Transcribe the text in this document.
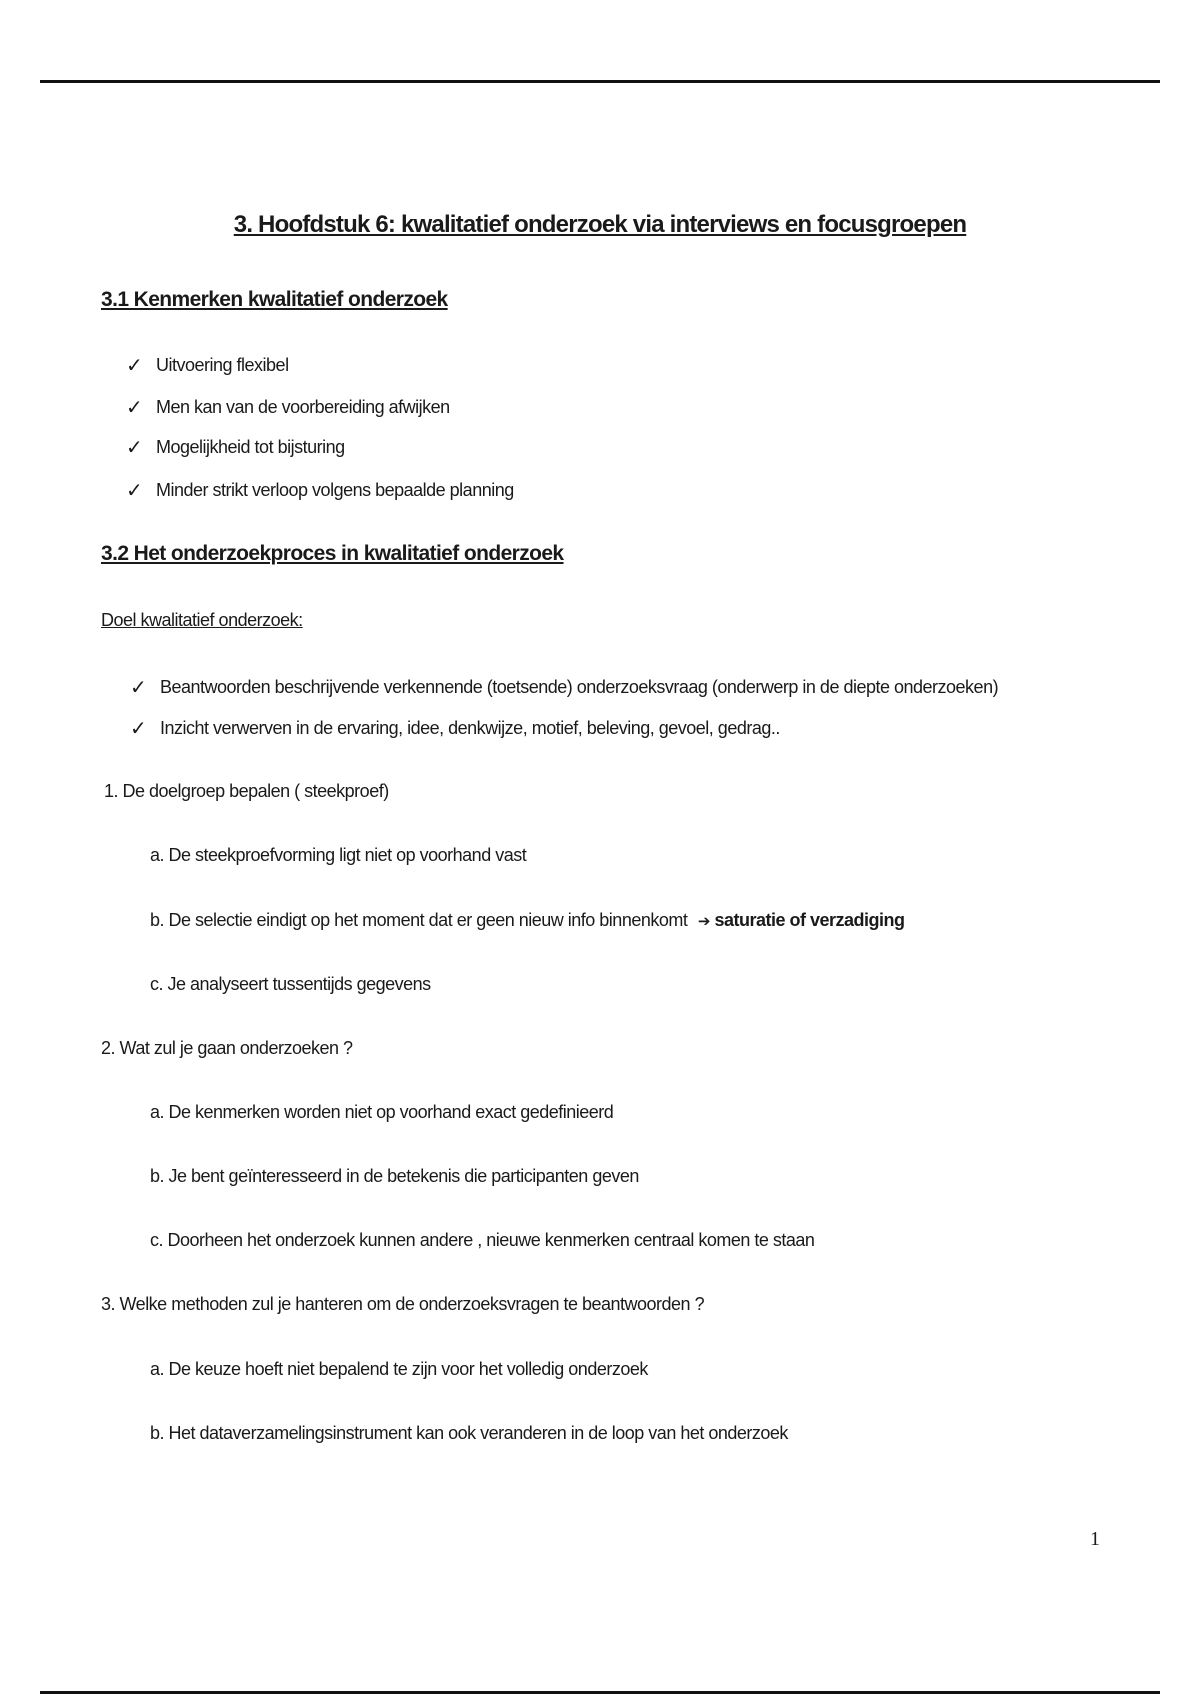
3. Hoofdstuk 6: kwalitatief onderzoek via interviews en focusgroepen
3.1 Kenmerken kwalitatief onderzoek
✓ Uitvoering flexibel
✓ Men kan van de voorbereiding afwijken
✓ Mogelijkheid tot bijsturing
✓ Minder strikt verloop volgens bepaalde planning
3.2 Het onderzoekproces in kwalitatief onderzoek
Doel kwalitatief onderzoek:
✓ Beantwoorden beschrijvende verkennende (toetsende) onderzoeksvraag (onderwerp in de diepte onderzoeken)
✓ Inzicht verwerven in de ervaring, idee, denkwijze, motief, beleving, gevoel, gedrag..
1. De doelgroep bepalen ( steekproef)
a. De steekproefvorming ligt niet op voorhand vast
b. De selectie eindigt op het moment dat er geen nieuw info binnenkomt ➔ saturatie of verzadiging
c. Je analyseert tussentijds gegevens
2. Wat zul je gaan onderzoeken ?
a. De kenmerken worden niet op voorhand exact gedefinieerd
b. Je bent geïnteresseerd in de betekenis die participanten geven
c. Doorheen het onderzoek kunnen andere , nieuwe kenmerken centraal komen te staan
3. Welke methoden zul je hanteren om de onderzoeksvragen te beantwoorden ?
a. De keuze hoeft niet bepalend te zijn voor het volledig onderzoek
b. Het dataverzamelingsinstrument kan ook veranderen in de loop van het onderzoek
1
